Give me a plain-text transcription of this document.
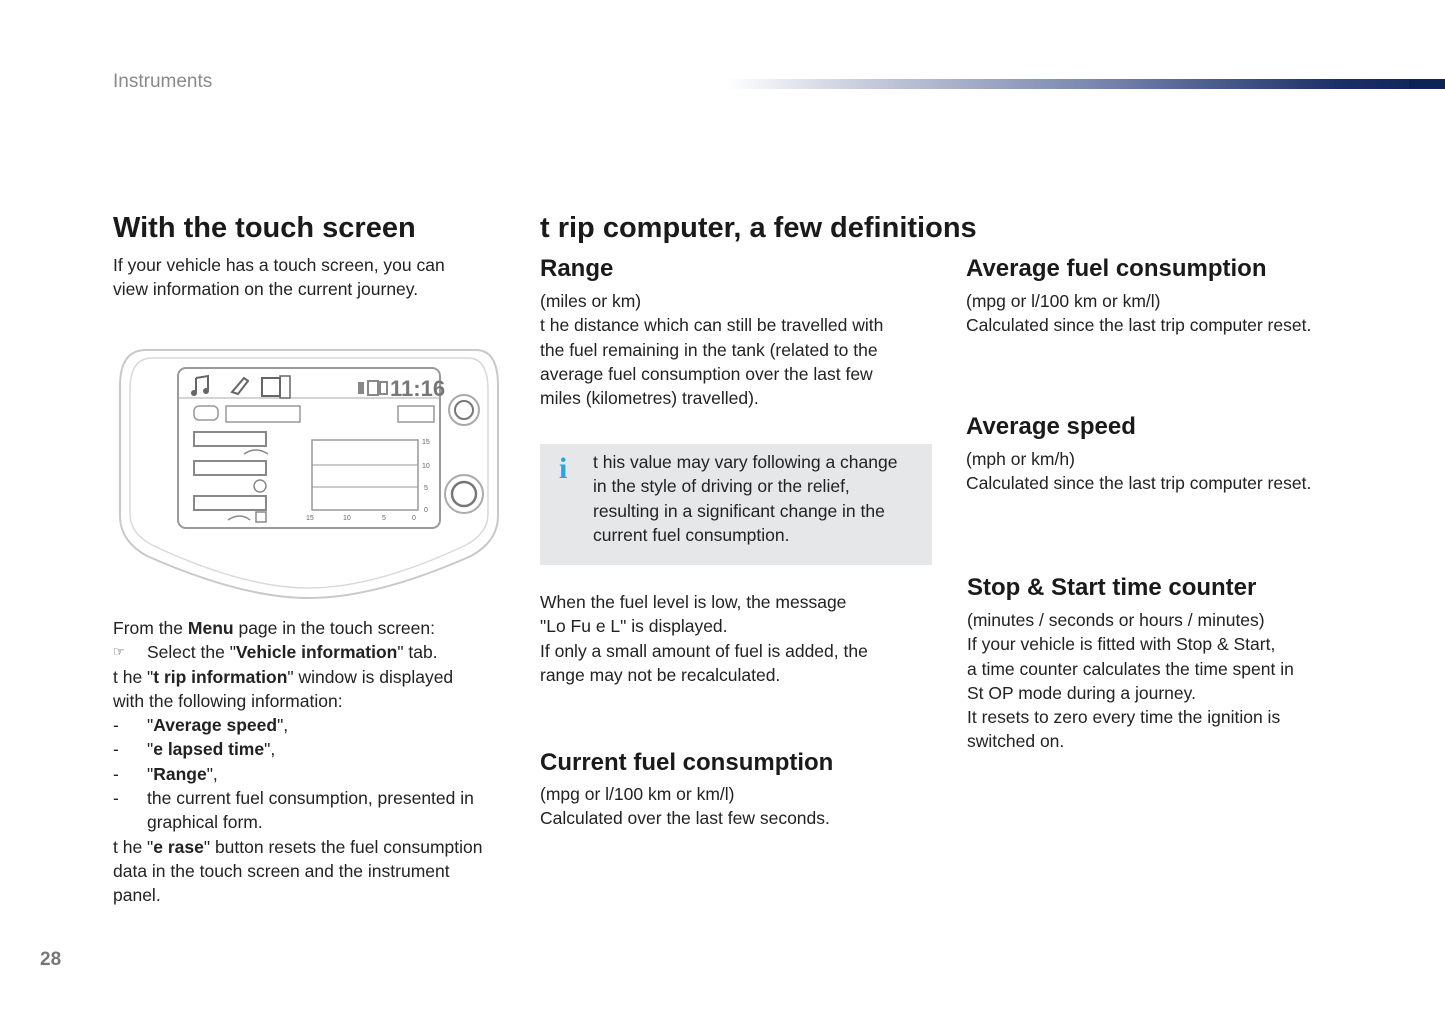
Instruments
With the touch screen
If your vehicle has a touch screen, you can
view information on the current journey.
11:16
15
10
5
0
15	10	5	0
From the Menu page in the touch screen:
☞ Select the "Vehicle information" tab.
t he "t rip information" window is displayed
with the following information:
- "Average speed",
- "e lapsed time",
- "Range",
- the current fuel consumption, presented in
graphical form.
t he "e rase" button resets the fuel consumption
data in the touch screen and the instrument
panel.
t rip computer, a few definitions
Range
(miles or km)
t he distance which can still be travelled with
the fuel remaining in the tank (related to the
average fuel consumption over the last few
miles (kilometres) travelled).
i t his value may vary following a change
in the style of driving or the relief,
resulting in a significant change in the
current fuel consumption.
When the fuel level is low, the message
"Lo Fu e L" is displayed.
If only a small amount of fuel is added, the
range may not be recalculated.
Current fuel consumption
(mpg or l/100 km or km/l)
Calculated over the last few seconds.
Average fuel consumption
(mpg or l/100 km or km/l)
Calculated since the last trip computer reset.
Average speed
(mph or km/h)
Calculated since the last trip computer reset.
Stop & Start time counter
(minutes / seconds or hours / minutes)
If your vehicle is fitted with Stop & Start,
a time counter calculates the time spent in
St OP mode during a journey.
It resets to zero every time the ignition is
switched on.
28
